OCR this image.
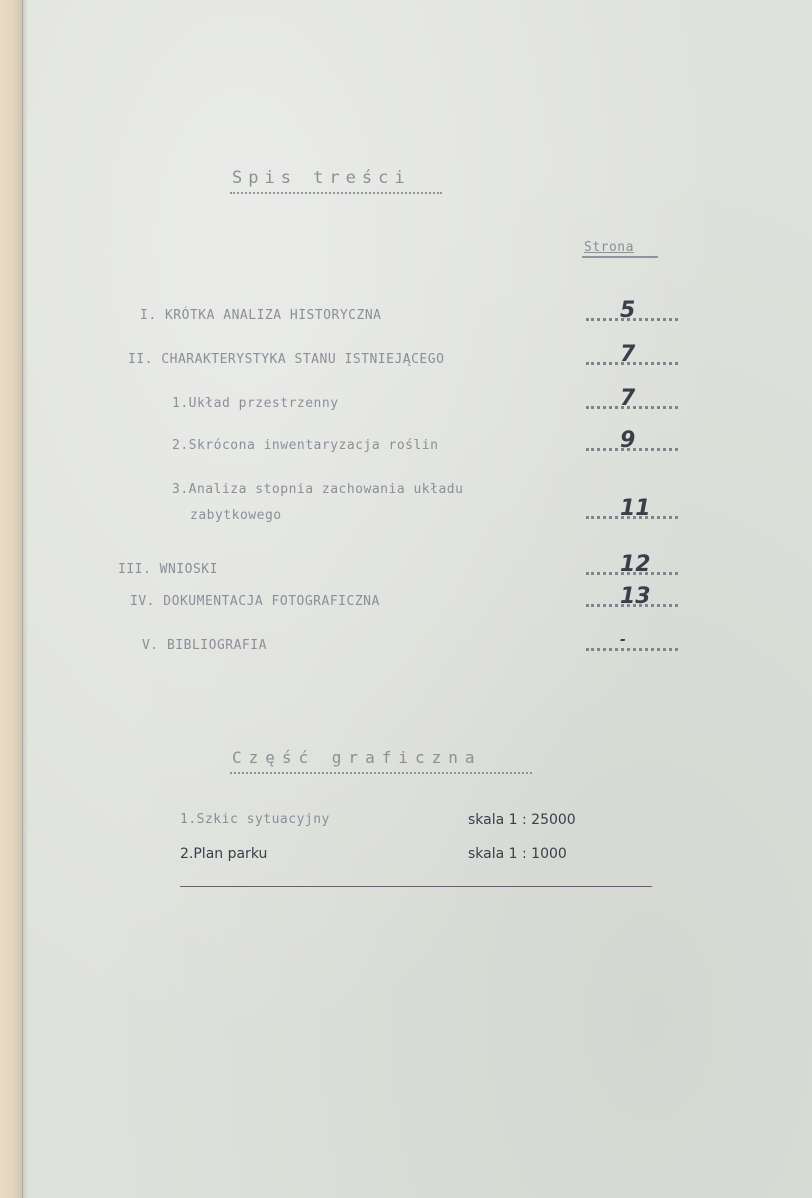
Spis treści
Strona
I. KRÓTKA ANALIZA HISTORYCZNA	5
II. CHARAKTERYSTYKA STANU ISTNIEJĄCEGO	7
1.Układ przestrzenny	7
2.Skrócona inwentaryzacja roślin	9
3.Analiza stopnia zachowania układu
zabytkowego	11
III. WNIOSKI	12
IV. DOKUMENTACJA FOTOGRAFICZNA	13
V. BIBLIOGRAFIA	-
Część graficzna
1.Szkic sytuacyjny	skala 1 : 25000
2.Plan parku	skala 1 : 1000
